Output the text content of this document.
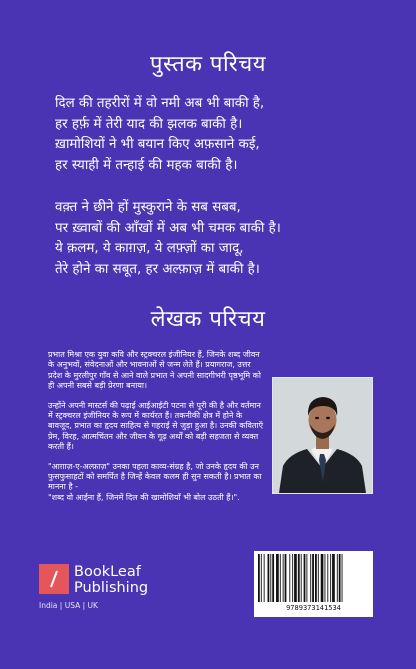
पुस्तक परिचय
दिल की तहरीरों में वो नमी अब भी बाकी है,
हर हर्फ़ में तेरी याद की झलक बाकी है।
ख़ामोशियों ने भी बयान किए अफ़साने कई,
हर स्याही में तन्हाई की महक बाकी है।
वक़्त ने छीने हों मुस्कुराने के सब सबब,
पर ख़्वाबों की आँखों में अब भी चमक बाकी है।
ये क़लम, ये काग़ज़, ये लफ़्ज़ों का जादू,
तेरे होने का सबूत, हर अल्फ़ाज़ में बाकी है।
लेखक परिचय

प्रभात मिश्रा एक युवा कवि और स्ट्रक्चरल इंजीनियर हैं, जिनके शब्द जीवन के अनुभवों, संवेदनाओं और भावनाओं से जन्म लेते हैं। प्रयागराज, उत्तर प्रदेश के मुरलीपुर गाँव से आने वाले प्रभात ने अपनी सादगीभरी पृष्ठभूमि को ही अपनी सबसे बड़ी प्रेरणा बनाया।

उन्होंने अपनी मास्टर्स की पढ़ाई आईआईटी पटना से पूरी की है और वर्तमान में स्ट्रक्चरल इंजीनियर के रूप में कार्यरत हैं। तकनीकी क्षेत्र में होने के बावजूद, प्रभात का हृदय साहित्य से गहराई से जुड़ा हुआ है। उनकी कविताएँ प्रेम, विरह, आत्मचिंतन और जीवन के गूढ़ अर्थों को बड़ी सहजता से व्यक्त करती हैं।

"आग़ाज़-ए-अल्फ़ाज़" उनका पहला काव्य-संग्रह है, जो उनके हृदय की उन फुसफुसाहटों को समर्पित है जिन्हें केवल कलम ही सुन सकती है। प्रभात का मानना है -

"शब्द वो आईना हैं, जिनमें दिल की खामोशियाँ भी बोल उठती हैं।".

BookLeaf
Publishing
India | USA | UK	9789373141534
